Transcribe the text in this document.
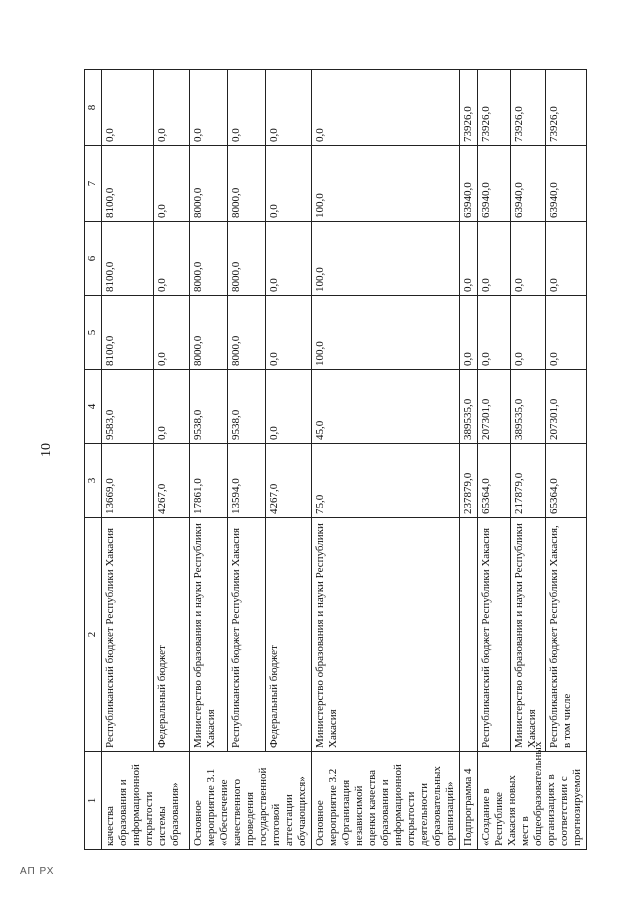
10
АП РХ
1	2	3	4	5	6	7	8
качества образования и информационной открытости системы образования»	Республиканский бюджет Республики Хакасия	13669,0	9583,0	8100,0	8100,0	8100,0	0,0
	Федеральный бюджет	4267,0	0,0	0,0	0,0	0,0	0,0
Основное мероприятие 3.1 «Обеспечение качественного проведения государственной итоговой аттестации обучающихся»	Министерство образования и науки Республики Хакасия	17861,0	9538,0	8000,0	8000,0	8000,0	0,0
	Республиканский бюджет Республики Хакасия	13594,0	9538,0	8000,0	8000,0	8000,0	0,0
	Федеральный бюджет	4267,0	0,0	0,0	0,0	0,0	0,0
Основное мероприятие 3.2 «Организация независимой оценки качества образования и информационной открытости деятельности образовательных организаций»	Министерство образования и науки Республики Хакасия	75,0	45,0	100,0	100,0	100,0	0,0
Подпрограмма 4		237879,0	389535,0	0,0	0,0	63940,0	73926,0
«Создание в Республике Хакасия новых мест в общеобразовательных организациях в соответствии с прогнозируемой	Республиканский бюджет Республики Хакасия	65364,0	207301,0	0,0	0,0	63940,0	73926,0
	Министерство образования и науки Республики Хакасия	217879,0	389535,0	0,0	0,0	63940,0	73926,0
	Республиканский бюджет Республики Хакасия, в том числе	65364,0	207301,0	0,0	0,0	63940,0	73926,0
